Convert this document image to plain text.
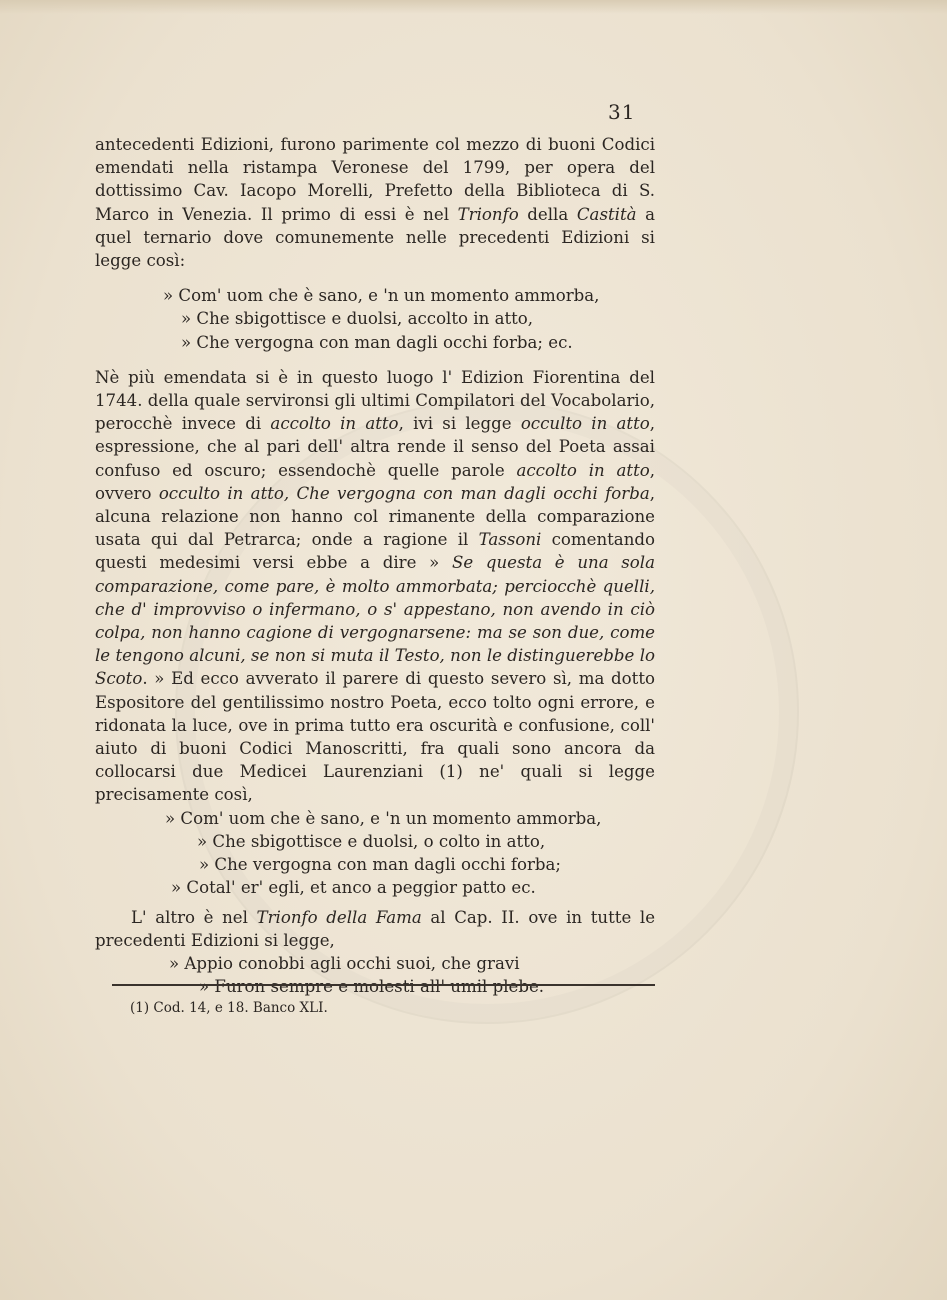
31

antecedenti Edizioni, furono parimente col mezzo di buoni Codici emendati nella ristampa Veronese del 1799, per opera del dottissimo Cav. Iacopo Morelli, Prefetto della Biblioteca di S. Marco in Venezia. Il primo di essi è nel Trionfo della Castità a quel ternario dove comunemente nelle precedenti Edizioni si legge così:

» Com' uom che è sano, e 'n un momento ammorba,
» Che sbigottisce e duolsi, accolto in atto,
» Che vergogna con man dagli occhi forba; ec.

Nè più emendata si è in questo luogo l' Edizion Fiorentina del 1744. della quale servironsi gli ultimi Compilatori del Vocabolario, perocchè invece di accolto in atto, ivi si legge occulto in atto, espressione, che al pari dell' altra rende il senso del Poeta assai confuso ed oscuro; essendochè quelle parole accolto in atto, ovvero occulto in atto, Che vergogna con man dagli occhi forba, alcuna relazione non hanno col rimanente della comparazione usata qui dal Petrarca; onde a ragione il Tassoni comentando questi medesimi versi ebbe a dire » Se questa è una sola comparazione, come pare, è molto ammorbata; perciocchè quelli, che d' improvviso o infermano, o s' appestano, non avendo in ciò colpa, non hanno cagione di vergognarsene: ma se son due, come le tengono alcuni, se non si muta il Testo, non le distinguerebbe lo Scoto. » Ed ecco avverato il parere di questo severo sì, ma dotto Espositore del gentilissimo nostro Poeta, ecco tolto ogni errore, e ridonata la luce, ove in prima tutto era oscurità e confusione, coll' aiuto di buoni Codici Manoscritti, fra quali sono ancora da collocarsi due Medicei Laurenziani (1) ne' quali si legge precisamente così,

» Com' uom che è sano, e 'n un momento ammorba,
» Che sbigottisce e duolsi, o colto in atto,
» Che vergogna con man dagli occhi forba;
» Cotal' er' egli, et anco a peggior patto ec.

L' altro è nel Trionfo della Fama al Cap. II. ove in tutte le precedenti Edizioni si legge,

» Appio conobbi agli occhi suoi, che gravi
» Furon sempre e molesti all' umil plebe.
(1) Cod. 14, e 18. Banco XLI.
